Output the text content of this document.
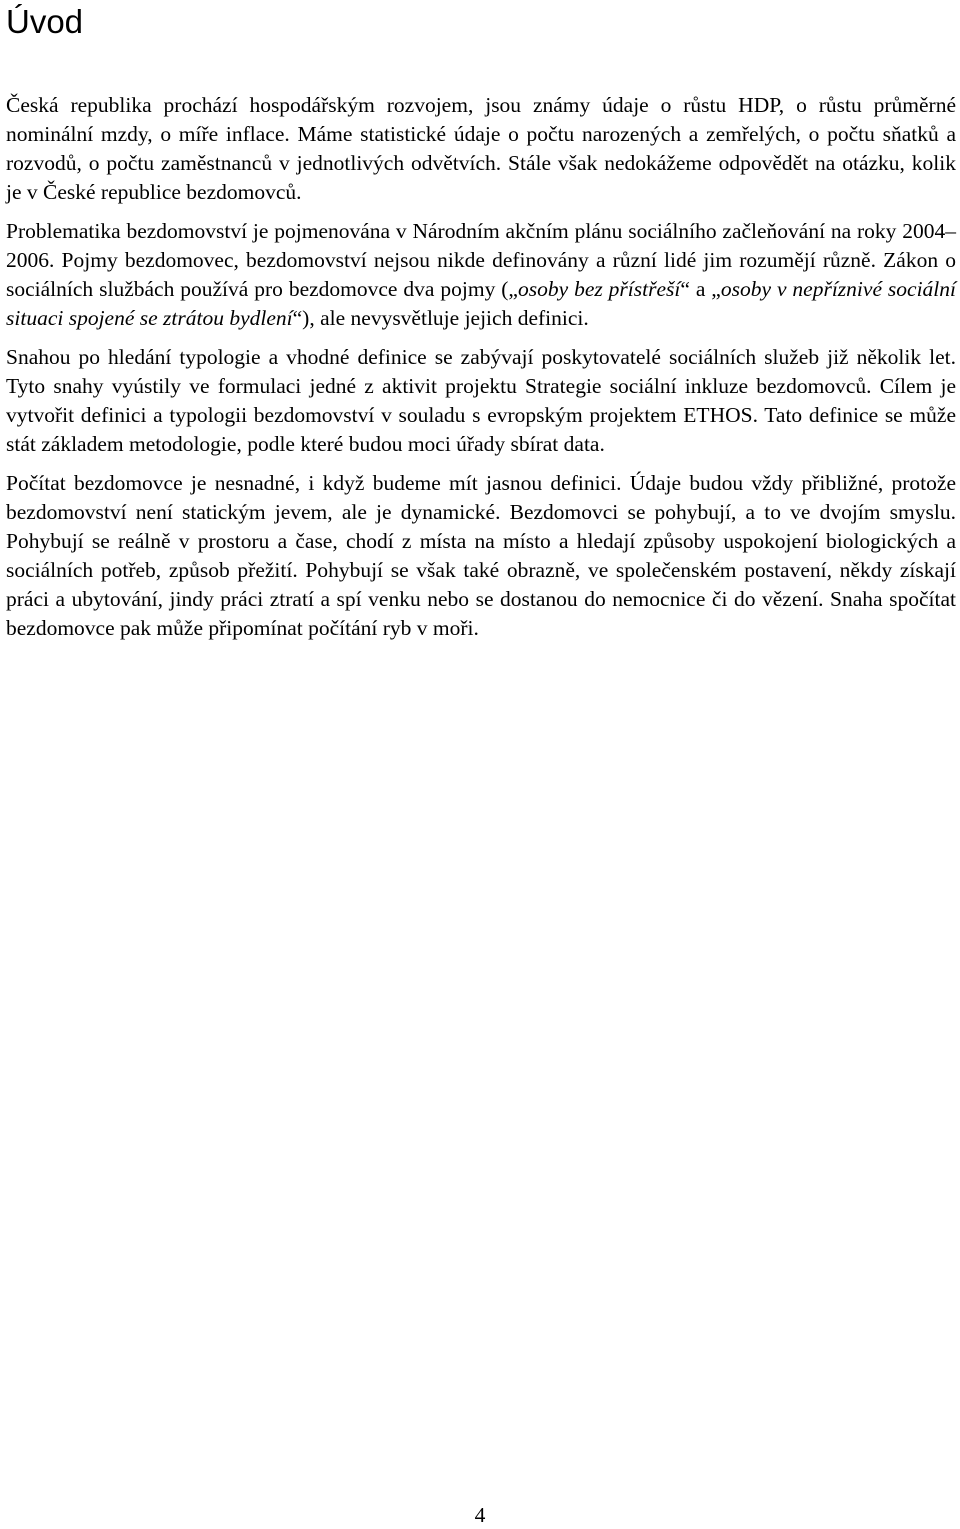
Úvod

Česká republika prochází hospodářským rozvojem, jsou známy údaje o růstu HDP, o růstu průměrné nominální mzdy, o míře inflace. Máme statistické údaje o počtu narozených a zemřelých, o počtu sňatků a rozvodů, o počtu zaměstnanců v jednotlivých odvětvích. Stále však nedokážeme odpovědět na otázku, kolik je v České republice bezdomovců.

Problematika bezdomovství je pojmenována v Národním akčním plánu sociálního začleňování na roky 2004–2006. Pojmy bezdomovec, bezdomovství nejsou nikde definovány a různí lidé jim rozumějí různě. Zákon o sociálních službách používá pro bezdomovce dva pojmy („osoby bez přístřeší“ a „osoby v nepříznivé sociální situaci spojené se ztrátou bydlení“), ale nevysvětluje jejich definici.

Snahou po hledání typologie a vhodné definice se zabývají poskytovatelé sociálních služeb již několik let. Tyto snahy vyústily ve formulaci jedné z aktivit projektu Strategie sociální inkluze bezdomovců. Cílem je vytvořit definici a typologii bezdomovství v souladu s evropským projektem ETHOS. Tato definice se může stát základem metodologie, podle které budou moci úřady sbírat data.

Počítat bezdomovce je nesnadné, i když budeme mít jasnou definici. Údaje budou vždy přibližné, protože bezdomovství není statickým jevem, ale je dynamické. Bezdomovci se pohybují, a to ve dvojím smyslu. Pohybují se reálně v prostoru a čase, chodí z místa na místo a hledají způsoby uspokojení biologických a sociálních potřeb, způsob přežití. Pohybují se však také obrazně, ve společenském postavení, někdy získají práci a ubytování, jindy práci ztratí a spí venku nebo se dostanou do nemocnice či do vězení. Snaha spočítat bezdomovce pak může připomínat počítání ryb v moři.

4
